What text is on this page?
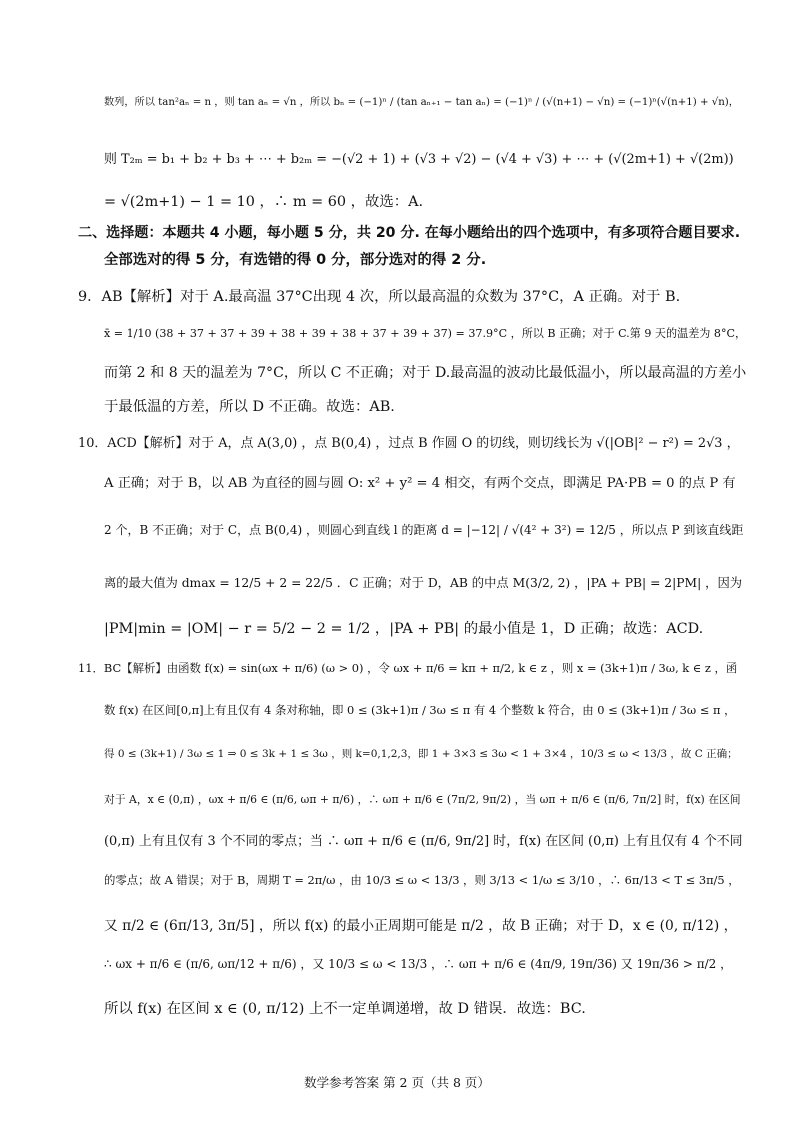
数列，所以 tan²aₙ = n ，则 tan aₙ = √n ，所以 bₙ = (−1)ⁿ / (tan aₙ₊₁ − tan aₙ) = (−1)ⁿ / (√(n+1) − √n) = (−1)ⁿ(√(n+1) + √n)，
则 T₂ₘ = b₁ + b₂ + b₃ + ⋯ + b₂ₘ = −(√2 + 1) + (√3 + √2) − (√4 + √3) + ⋯ + (√(2m+1) + √(2m))
= √(2m+1) − 1 = 10 ，∴ m = 60 ，故选：A.
二、选择题：本题共 4 小题，每小题 5 分，共 20 分. 在每小题给出的四个选项中，有多项符合题目要求.
全部选对的得 5 分，有选错的得 0 分，部分选对的得 2 分.
9．AB【解析】对于 A.最高温 37°C出现 4 次，所以最高温的众数为 37°C，A 正确。对于 B.
x̄ = 1/10 (38 + 37 + 37 + 39 + 38 + 39 + 38 + 37 + 39 + 37) = 37.9°C ，所以 B 正确；对于 C.第 9 天的温差为 8°C，
而第 2 和 8 天的温差为 7°C，所以 C 不正确；对于 D.最高温的波动比最低温小，所以最高温的方差小
于最低温的方差，所以 D 不正确。故选：AB.
10．ACD【解析】对于 A，点 A(3,0) ，点 B(0,4) ，过点 B 作圆 O 的切线，则切线长为 √(|OB|² − r²) = 2√3 ，
A 正确；对于 B，以 AB 为直径的圆与圆 O: x² + y² = 4 相交，有两个交点，即满足 PA·PB = 0 的点 P 有
2 个，B 不正确；对于 C，点 B(0,4) ，则圆心到直线 l 的距离 d = |−12| / √(4² + 3²) = 12/5 ，所以点 P 到该直线距
离的最大值为 dmax = 12/5 + 2 = 22/5 ．C 正确；对于 D，AB 的中点 M(3/2, 2) ，|PA + PB| = 2|PM| ，因为
|PM|min = |OM| − r = 5/2 − 2 = 1/2 ，|PA + PB| 的最小值是 1，D 正确；故选：ACD.
11．BC【解析】由函数 f(x) = sin(ωx + π/6) (ω > 0) ，令 ωx + π/6 = kπ + π/2, k ∈ z ，则 x = (3k+1)π / 3ω, k ∈ z ，函
数 f(x) 在区间[0,π]上有且仅有 4 条对称轴，即 0 ≤ (3k+1)π / 3ω ≤ π 有 4 个整数 k 符合，由 0 ≤ (3k+1)π / 3ω ≤ π ，
得 0 ≤ (3k+1) / 3ω ≤ 1 ⇒ 0 ≤ 3k + 1 ≤ 3ω ，则 k=0,1,2,3，即 1 + 3×3 ≤ 3ω < 1 + 3×4 ，10/3 ≤ ω < 13/3 ，故 C 正确；
对于 A，x ∈ (0,π) ，ωx + π/6 ∈ (π/6, ωπ + π/6) ，∴ ωπ + π/6 ∈ (7π/2, 9π/2) ，当 ωπ + π/6 ∈ (π/6, 7π/2] 时，f(x) 在区间
(0,π) 上有且仅有 3 个不同的零点；当 ∴ ωπ + π/6 ∈ (π/6, 9π/2] 时，f(x) 在区间 (0,π) 上有且仅有 4 个不同
的零点；故 A 错误；对于 B，周期 T = 2π/ω ，由 10/3 ≤ ω < 13/3 ，则 3/13 < 1/ω ≤ 3/10 ，∴ 6π/13 < T ≤ 3π/5 ，
又 π/2 ∈ (6π/13, 3π/5] ，所以 f(x) 的最小正周期可能是 π/2 ，故 B 正确；对于 D，x ∈ (0, π/12) ，
∴ ωx + π/6 ∈ (π/6, ωπ/12 + π/6) ，又 10/3 ≤ ω < 13/3 ，∴ ωπ + π/6 ∈ (4π/9, 19π/36) 又 19π/36 > π/2 ，
所以 f(x) 在区间 x ∈ (0, π/12) 上不一定单调递增，故 D 错误．故选：BC.
数学参考答案 第 2 页（共 8 页）
